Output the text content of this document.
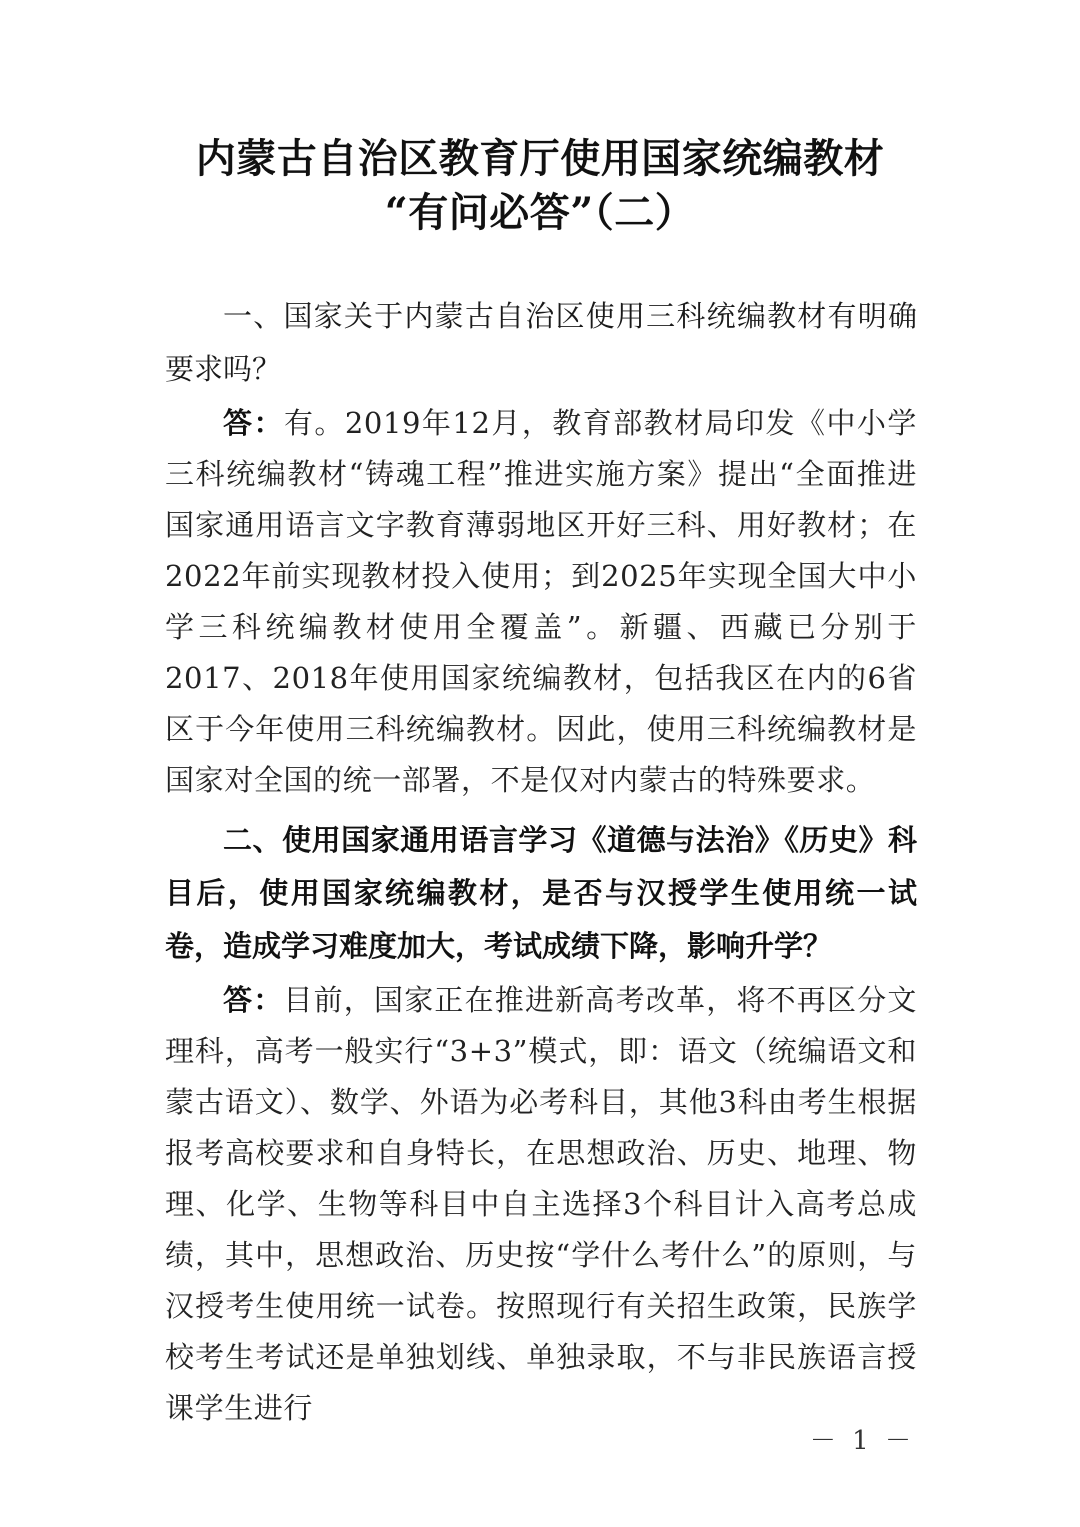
内蒙古自治区教育厅使用国家统编教材
“有问必答”（二）

一、国家关于内蒙古自治区使用三科统编教材有明确要求吗？

答：有。2019年12月，教育部教材局印发《中小学三科统编教材“铸魂工程”推进实施方案》提出“全面推进国家通用语言文字教育薄弱地区开好三科、用好教材；在2022年前实现教材投入使用；到2025年实现全国大中小学三科统编教材使用全覆盖”。新疆、西藏已分别于2017、2018年使用国家统编教材，包括我区在内的6省区于今年使用三科统编教材。因此，使用三科统编教材是国家对全国的统一部署，不是仅对内蒙古的特殊要求。

二、使用国家通用语言学习《道德与法治》《历史》科目后，使用国家统编教材，是否与汉授学生使用统一试卷，造成学习难度加大，考试成绩下降，影响升学？

答：目前，国家正在推进新高考改革，将不再区分文理科，高考一般实行“3+3”模式，即：语文（统编语文和蒙古语文）、数学、外语为必考科目，其他3科由考生根据报考高校要求和自身特长，在思想政治、历史、地理、物理、化学、生物等科目中自主选择3个科目计入高考总成绩，其中，思想政治、历史按“学什么考什么”的原则，与汉授考生使用统一试卷。按照现行有关招生政策，民族学校考生考试还是单独划线、单独录取，不与非民族语言授课学生进行

－ 1 －
